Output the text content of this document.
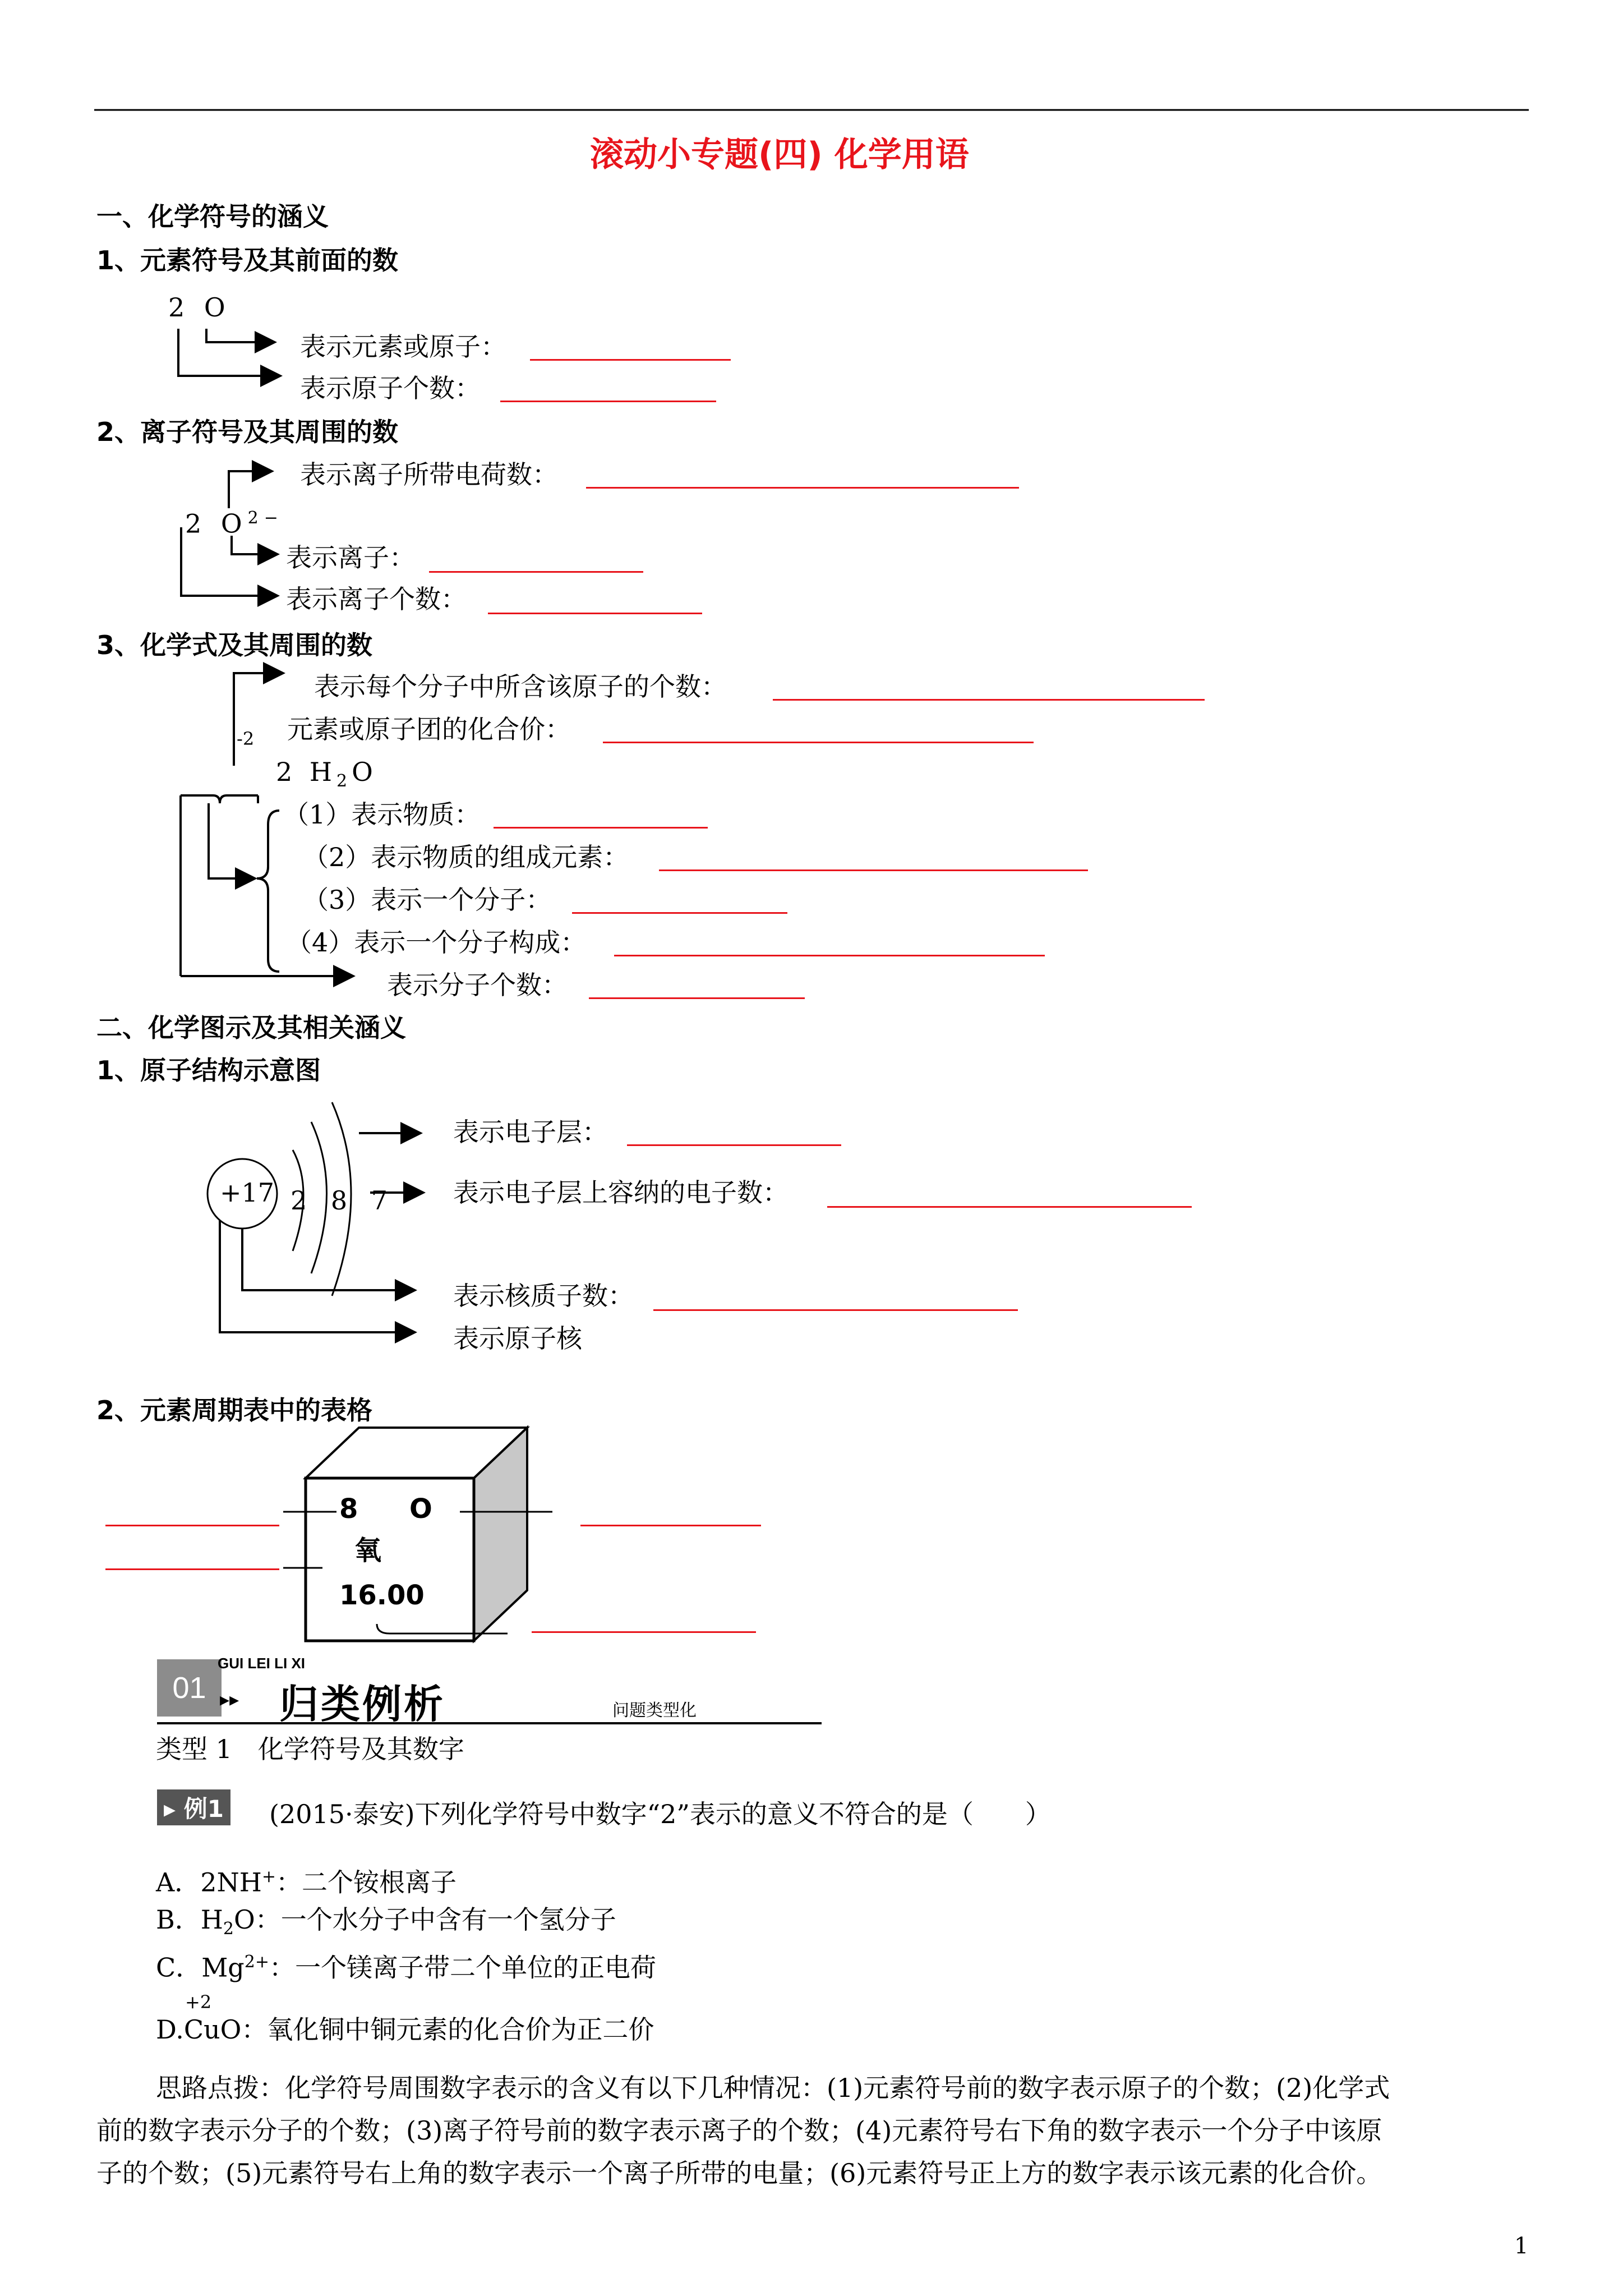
滚动小专题(四) 化学用语
一、化学符号的涵义
1、元素符号及其前面的数
2 O
表示元素或原子：
表示原子个数：
2、离子符号及其周围的数
表示离子所带电荷数：
2 $O^{2-}$
表示离子：
表示离子个数：
3、化学式及其周围的数
表示每个分子中所含该原子的个数：
元素或原子团的化合价：
-2
2 $H_2O$
（1）表示物质：
（2）表示物质的组成元素：
（3）表示一个分子：
（4）表示一个分子构成：
表示分子个数：
二、化学图示及其相关涵义
1、原子结构示意图
+17 2 8 7
表示电子层：
表示电子层上容纳的电子数：
表示核质子数：
表示原子核
2、元素周期表中的表格
8 O
氧
16.00
01
GUI LEI LI XI
▸▸ 归类例析	问题类型化
类型 1　化学符号及其数字
▸ 例1 (2015·泰安)下列化学符号中数字“2”表示的意义不符合的是（　　）
A．2NH+：二个铵根离子
B．$H_2O$：一个水分子中含有一个氢分子
C．$Mg^{2+}$：一个镁离子带二个单位的正电荷
+2
D.CuO：氧化铜中铜元素的化合价为正二价
思路点拨：化学符号周围数字表示的含义有以下几种情况：(1)元素符号前的数字表示原子的个数；(2)化学式
前的数字表示分子的个数；(3)离子符号前的数字表示离子的个数；(4)元素符号右下角的数字表示一个分子中该原
子的个数；(5)元素符号右上角的数字表示一个离子所带的电量；(6)元素符号正上方的数字表示该元素的化合价。
1
